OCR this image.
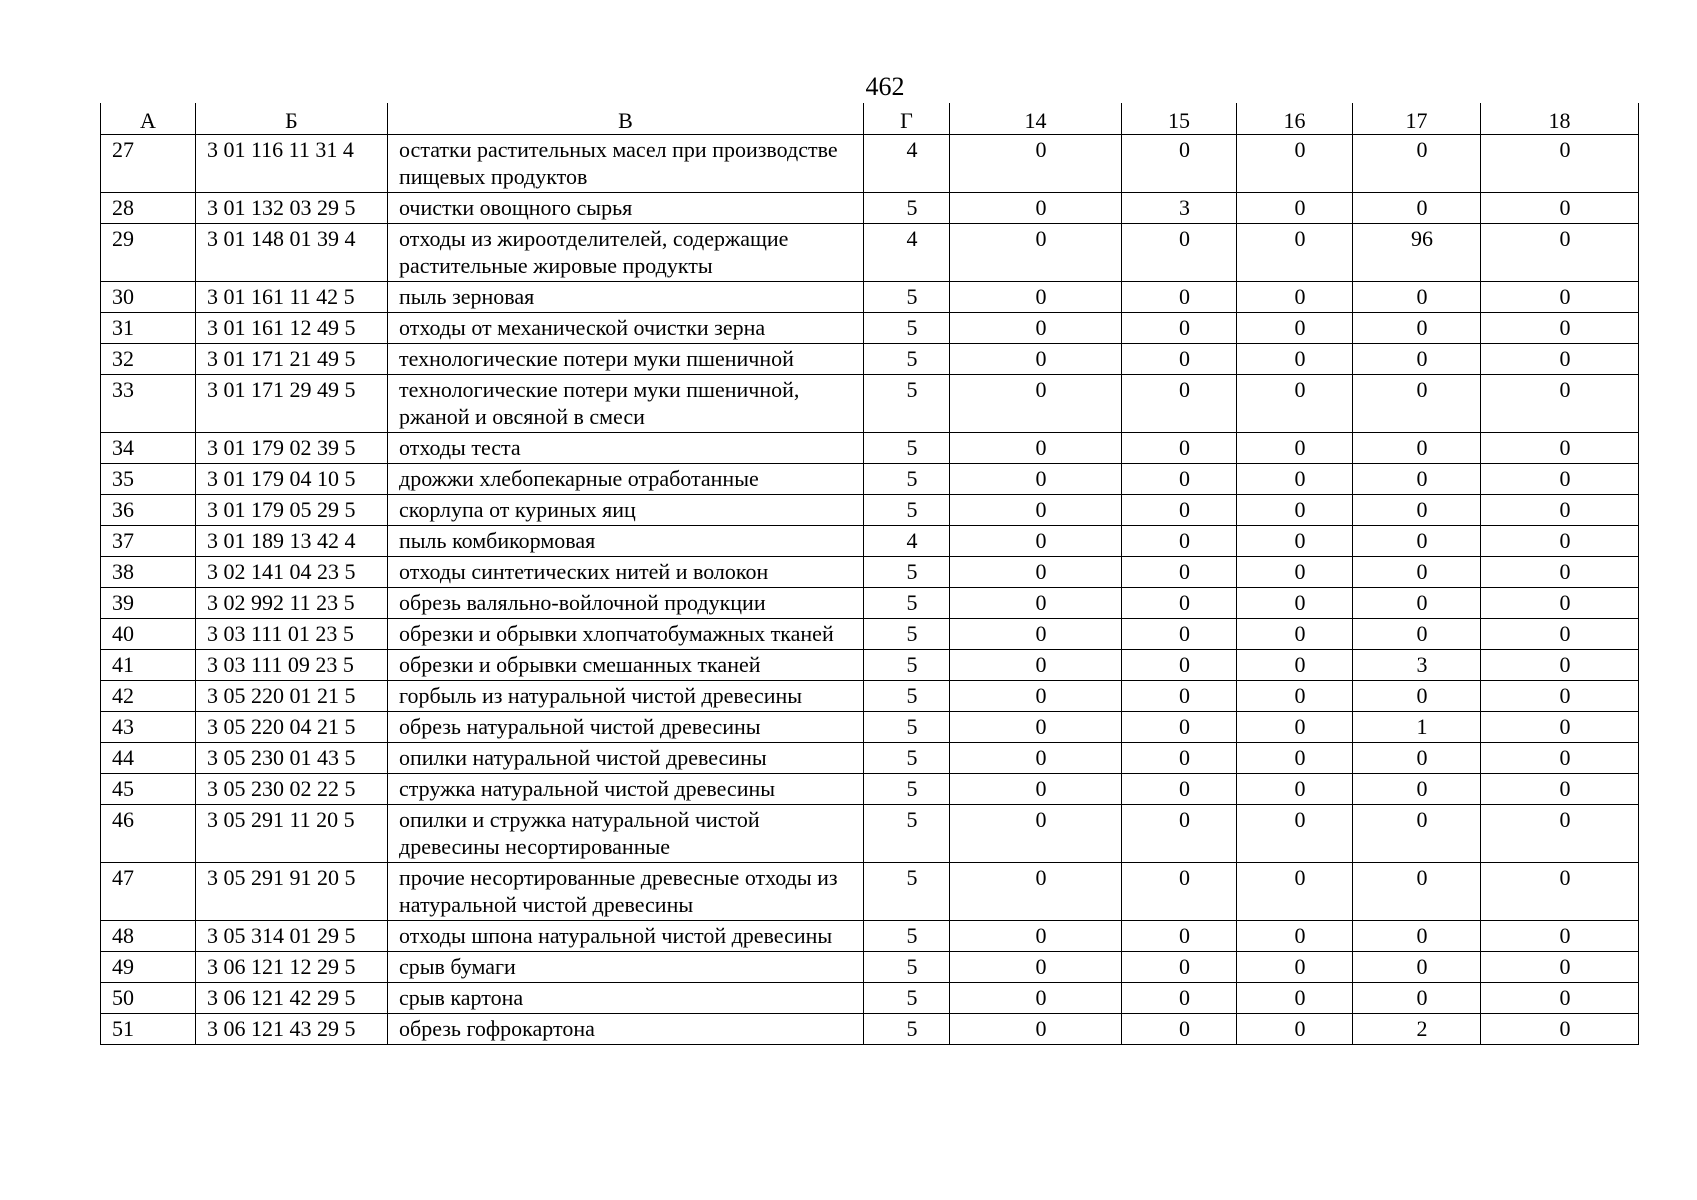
462
А	Б	В	Г	14	15	16	17	18
27	3 01 116 11 31 4	остатки растительных масел при производстве пищевых продуктов	4	0	0	0	0	0
28	3 01 132 03 29 5	очистки овощного сырья	5	0	3	0	0	0
29	3 01 148 01 39 4	отходы из жироотделителей, содержащие растительные жировые продукты	4	0	0	0	96	0
30	3 01 161 11 42 5	пыль зерновая	5	0	0	0	0	0
31	3 01 161 12 49 5	отходы от механической очистки зерна	5	0	0	0	0	0
32	3 01 171 21 49 5	технологические потери муки пшеничной	5	0	0	0	0	0
33	3 01 171 29 49 5	технологические потери муки пшеничной, ржаной и овсяной в смеси	5	0	0	0	0	0
34	3 01 179 02 39 5	отходы теста	5	0	0	0	0	0
35	3 01 179 04 10 5	дрожжи хлебопекарные отработанные	5	0	0	0	0	0
36	3 01 179 05 29 5	скорлупа от куриных яиц	5	0	0	0	0	0
37	3 01 189 13 42 4	пыль комбикормовая	4	0	0	0	0	0
38	3 02 141 04 23 5	отходы синтетических нитей и волокон	5	0	0	0	0	0
39	3 02 992 11 23 5	обрезь валяльно-войлочной продукции	5	0	0	0	0	0
40	3 03 111 01 23 5	обрезки и обрывки хлопчатобумажных тканей	5	0	0	0	0	0
41	3 03 111 09 23 5	обрезки и обрывки смешанных тканей	5	0	0	0	3	0
42	3 05 220 01 21 5	горбыль из натуральной чистой древесины	5	0	0	0	0	0
43	3 05 220 04 21 5	обрезь натуральной чистой древесины	5	0	0	0	1	0
44	3 05 230 01 43 5	опилки натуральной чистой древесины	5	0	0	0	0	0
45	3 05 230 02 22 5	стружка натуральной чистой древесины	5	0	0	0	0	0
46	3 05 291 11 20 5	опилки и стружка натуральной чистой древесины несортированные	5	0	0	0	0	0
47	3 05 291 91 20 5	прочие несортированные древесные отходы из натуральной чистой древесины	5	0	0	0	0	0
48	3 05 314 01 29 5	отходы шпона натуральной чистой древесины	5	0	0	0	0	0
49	3 06 121 12 29 5	срыв бумаги	5	0	0	0	0	0
50	3 06 121 42 29 5	срыв картона	5	0	0	0	0	0
51	3 06 121 43 29 5	обрезь гофрокартона	5	0	0	0	2	0
